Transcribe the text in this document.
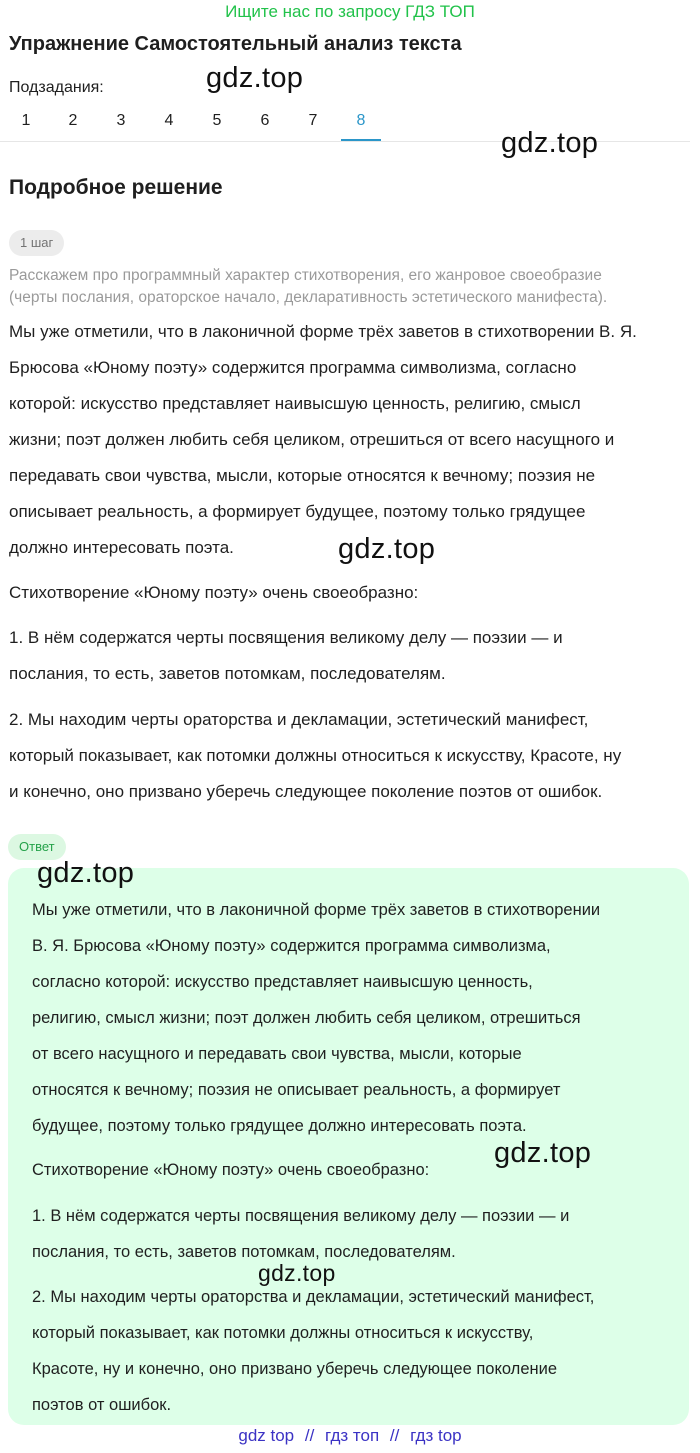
Ищите нас по запросу ГДЗ ТОП
Упражнение Самостоятельный анализ текста
Подзадания:
1	2	3	4	5	6	7	8
gdz.top
gdz.top
Подробное решение
1 шаг
Расскажем про программный характер стихотворения, его жанровое своеобразие
(черты послания, ораторское начало, декларативность эстетического манифеста).
Мы уже отметили, что в лаконичной форме трёх заветов в стихотворении В. Я.
Брюсова «Юному поэту» содержится программа символизма, согласно
которой: искусство представляет наивысшую ценность, религию, смысл
жизни; поэт должен любить себя целиком, отрешиться от всего насущного и
передавать свои чувства, мысли, которые относятся к вечному; поэзия не
описывает реальность, а формирует будущее, поэтому только грядущее
должно интересовать поэта.	gdz.top
Стихотворение «Юному поэту» очень своеобразно:
1. В нём содержатся черты посвящения великому делу — поэзии — и
послания, то есть, заветов потомкам, последователям.
2. Мы находим черты ораторства и декламации, эстетический манифест,
который показывает, как потомки должны относиться к искусству, Красоте, ну
и конечно, оно призвано уберечь следующее поколение поэтов от ошибок.
Ответ
gdz.top
Мы уже отметили, что в лаконичной форме трёх заветов в стихотворении
В. Я. Брюсова «Юному поэту» содержится программа символизма,
согласно которой: искусство представляет наивысшую ценность,
религию, смысл жизни; поэт должен любить себя целиком, отрешиться
от всего насущного и передавать свои чувства, мысли, которые
относятся к вечному; поэзия не описывает реальность, а формирует
будущее, поэтому только грядущее должно интересовать поэта.
Стихотворение «Юному поэту» очень своеобразно:
gdz.top
1. В нём содержатся черты посвящения великому делу — поэзии — и
послания, то есть, заветов потомкам, последователям.
gdz.top
2. Мы находим черты ораторства и декламации, эстетический манифест,
который показывает, как потомки должны относиться к искусству,
Красоте, ну и конечно, оно призвано уберечь следующее поколение
поэтов от ошибок.
gdz top // гдз топ // гдз top
